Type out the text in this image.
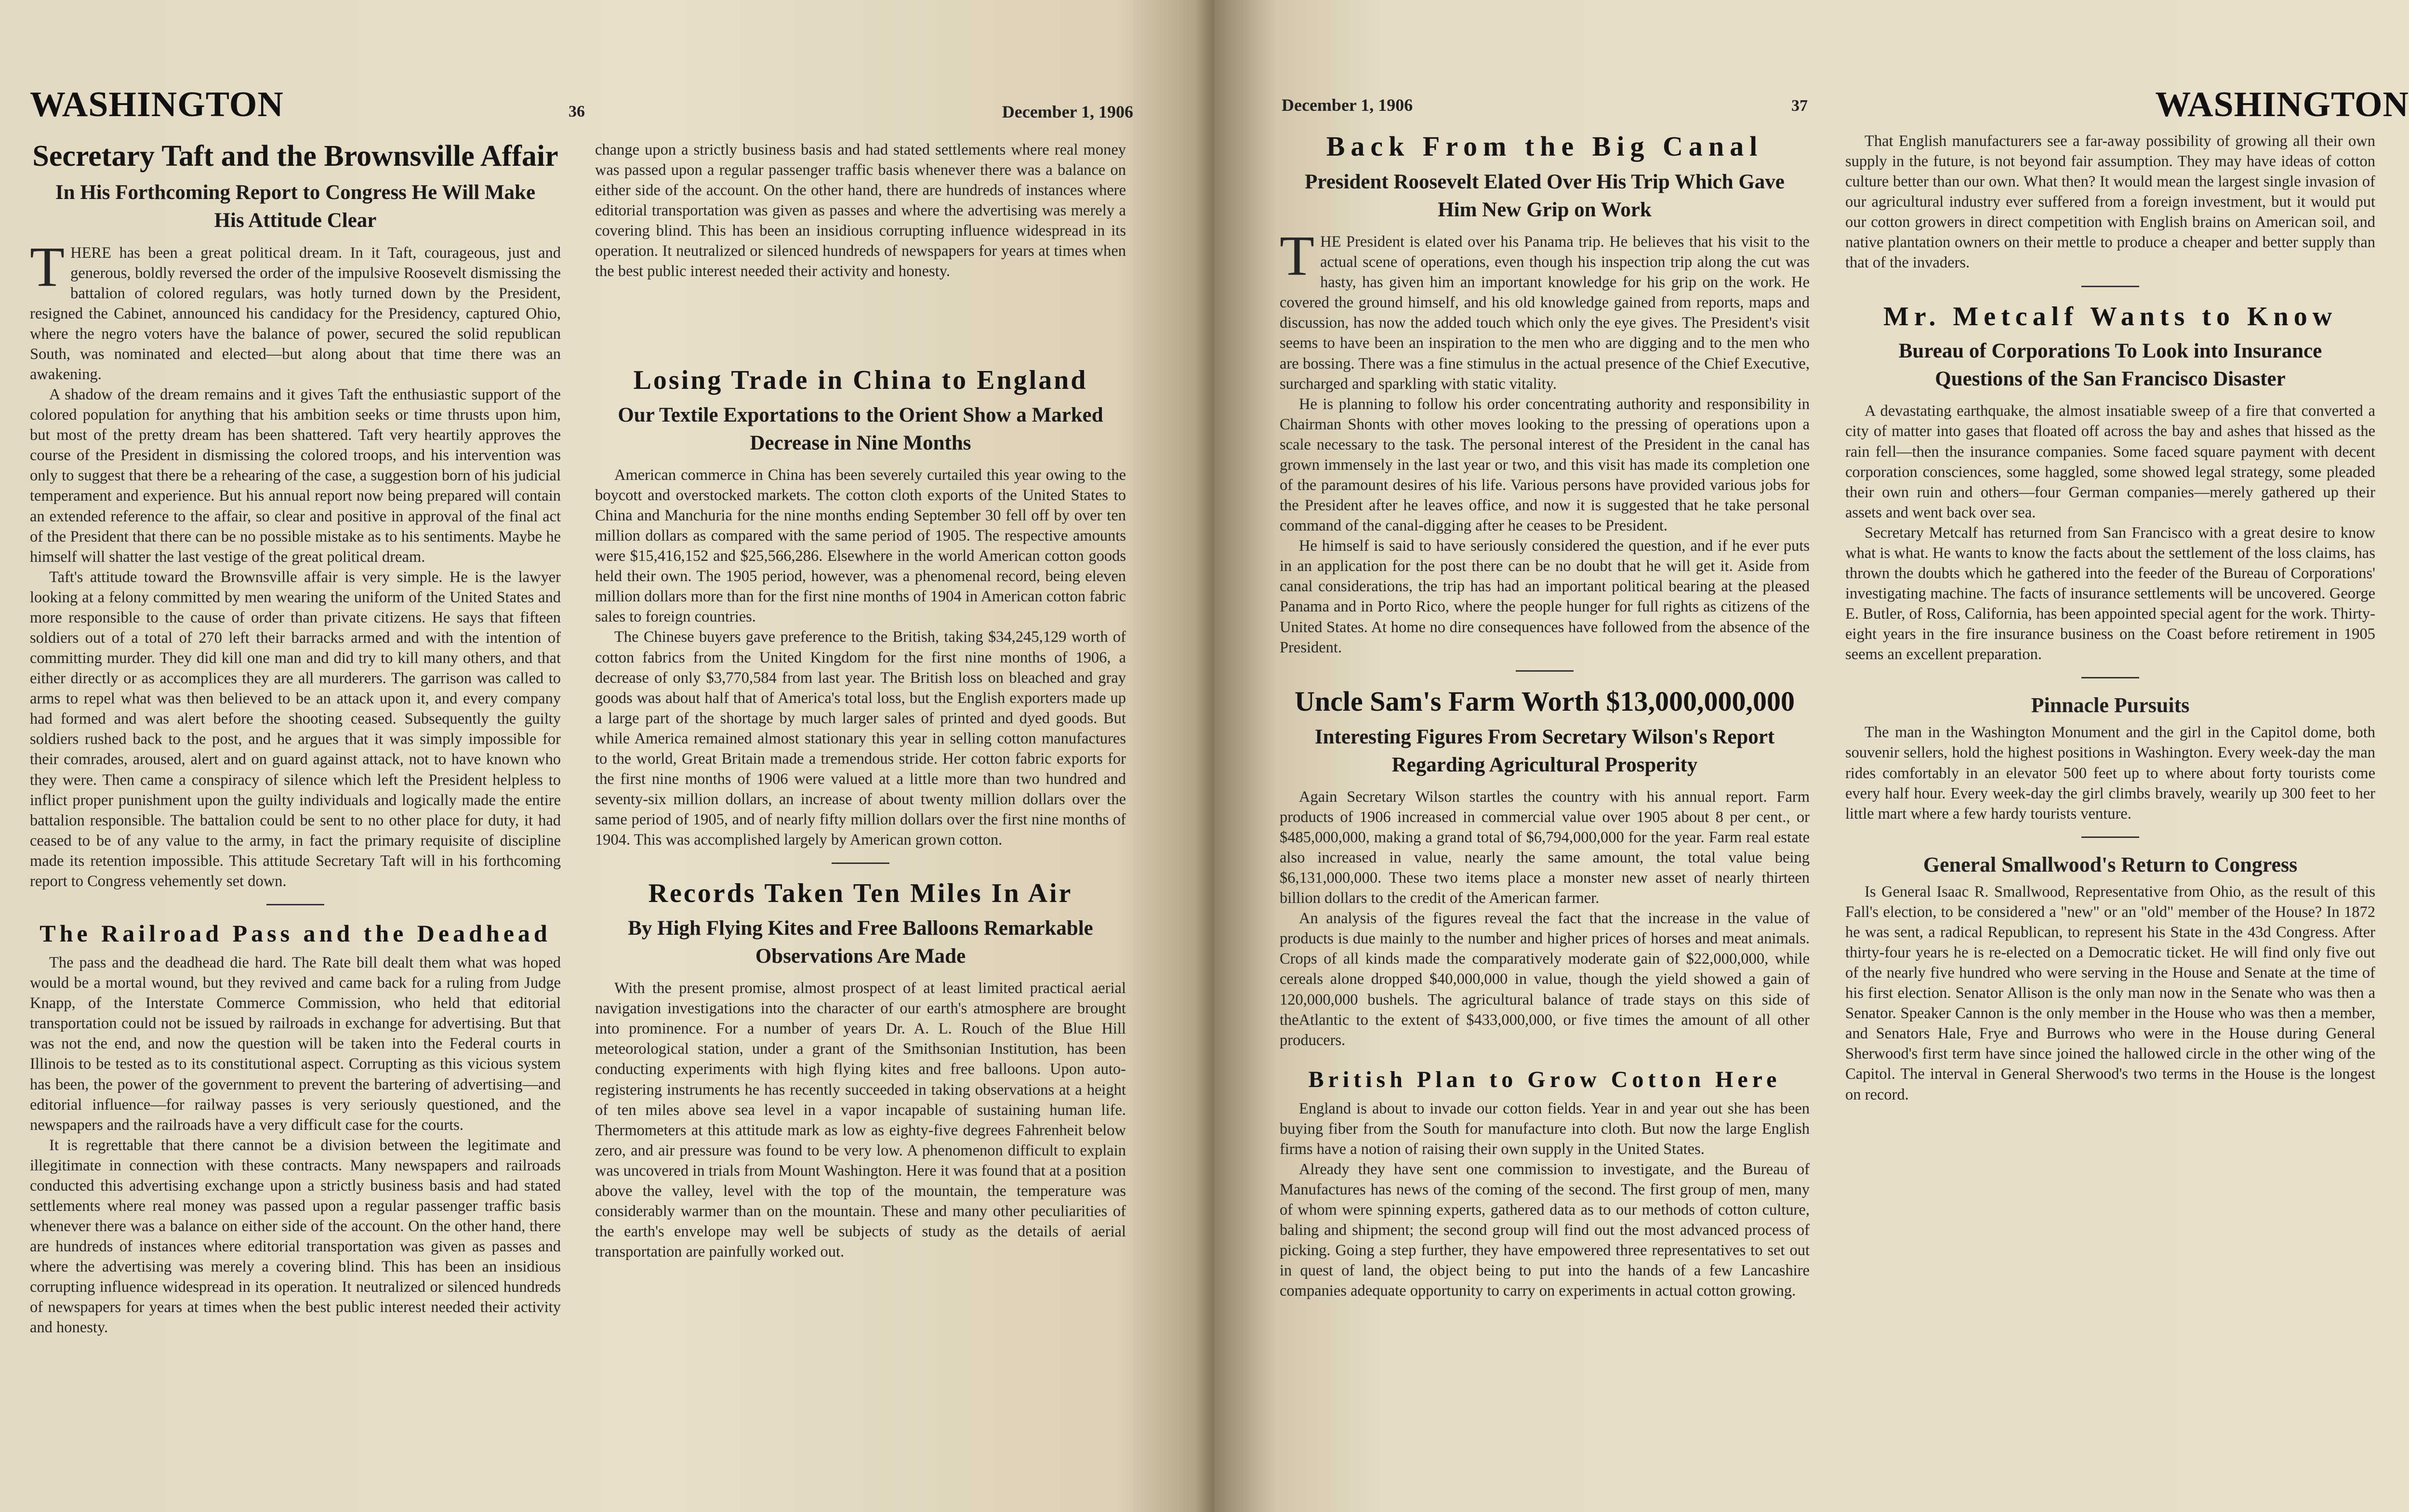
WASHINGTON	36	December 1, 1906
Secretary Taft and the Brownsville Affair
In His Forthcoming Report to Congress He Will Make His Attitude Clear

THERE has been a great political dream. In it Taft, courageous, just and generous, boldly reversed the order of the impulsive Roosevelt dismissing the battalion of colored regulars, was hotly turned down by the President, resigned the Cabinet, announced his candidacy for the Presidency, captured Ohio, where the negro voters have the balance of power, secured the solid republican South, was nominated and elected—but along about that time there was an awakening.

A shadow of the dream remains and it gives Taft the enthusiastic support of the colored population for anything that his ambition seeks or time thrusts upon him, but most of the pretty dream has been shattered. Taft very heartily approves the course of the President in dismissing the colored troops, and his intervention was only to suggest that there be a rehearing of the case, a suggestion born of his judicial temperament and experience. But his annual report now being prepared will contain an extended reference to the affair, so clear and positive in approval of the final act of the President that there can be no possible mistake as to his sentiments. Maybe he himself will shatter the last vestige of the great political dream.

Taft's attitude toward the Brownsville affair is very simple. He is the lawyer looking at a felony committed by men wearing the uniform of the United States and more responsible to the cause of order than private citizens. He says that fifteen soldiers out of a total of 270 left their barracks armed and with the intention of committing murder. They did kill one man and did try to kill many others, and that either directly or as accomplices they are all murderers. The garrison was called to arms to repel what was then believed to be an attack upon it, and every company had formed and was alert before the shooting ceased. Subsequently the guilty soldiers rushed back to the post, and he argues that it was simply impossible for their comrades, aroused, alert and on guard against attack, not to have known who they were. Then came a conspiracy of silence which left the President helpless to inflict proper punishment upon the guilty individuals and logically made the entire battalion responsible. The battalion could be sent to no other place for duty, it had ceased to be of any value to the army, in fact the primary requisite of discipline made its retention impossible. This attitude Secretary Taft will in his forthcoming report to Congress vehemently set down.

The Railroad Pass and the Deadhead

The pass and the deadhead die hard. The Rate bill dealt them what was hoped would be a mortal wound, but they revived and came back for a ruling from Judge Knapp, of the Interstate Commerce Commission, who held that editorial transportation could not be issued by railroads in exchange for advertising. But that was not the end, and now the question will be taken into the Federal courts in Illinois to be tested as to its constitutional aspect. Corrupting as this vicious system has been, the power of the government to prevent the bartering of advertising—and editorial influence—for railway passes is very seriously questioned, and the newspapers and the railroads have a very difficult case for the courts.

It is regrettable that there cannot be a division between the legitimate and illegitimate in connection with these contracts. Many newspapers and railroads conducted this advertising exchange upon a strictly business basis and had stated settlements where real money was passed upon a regular passenger traffic basis whenever there was a balance on either side of the account. On the other hand, there are hundreds of instances where editorial transportation was given as passes and where the advertising was merely a covering blind. This has been an insidious corrupting influence widespread in its operation. It neutralized or silenced hundreds of newspapers for years at times when the best public interest needed their activity and honesty.

change upon a strictly business basis and had stated settlements where real money was passed upon a regular passenger traffic basis whenever there was a balance on either side of the account. On the other hand, there are hundreds of instances where editorial transportation was given as passes and where the advertising was merely a covering blind. This has been an insidious corrupting influence widespread in its operation. It neutralized or silenced hundreds of newspapers for years at times when the best public interest needed their activity and honesty.

Losing Trade in China to England
Our Textile Exportations to the Orient Show a Marked Decrease in Nine Months

American commerce in China has been severely curtailed this year owing to the boycott and overstocked markets. The cotton cloth exports of the United States to China and Manchuria for the nine months ending September 30 fell off by over ten million dollars as compared with the same period of 1905. The respective amounts were $15,416,152 and $25,566,286. Elsewhere in the world American cotton goods held their own. The 1905 period, however, was a phenomenal record, being eleven million dollars more than for the first nine months of 1904 in American cotton fabric sales to foreign countries.

The Chinese buyers gave preference to the British, taking $34,245,129 worth of cotton fabrics from the United Kingdom for the first nine months of 1906, a decrease of only $3,770,584 from last year. The British loss on bleached and gray goods was about half that of America's total loss, but the English exporters made up a large part of the shortage by much larger sales of printed and dyed goods. But while America remained almost stationary this year in selling cotton manufactures to the world, Great Britain made a tremendous stride. Her cotton fabric exports for the first nine months of 1906 were valued at a little more than two hundred and seventy-six million dollars, an increase of about twenty million dollars over the same period of 1905, and of nearly fifty million dollars over the first nine months of 1904. This was accomplished largely by American grown cotton.

Records Taken Ten Miles In Air
By High Flying Kites and Free Balloons Remarkable Observations Are Made

With the present promise, almost prospect of at least limited practical aerial navigation investigations into the character of our earth's atmosphere are brought into prominence. For a number of years Dr. A. L. Rouch of the Blue Hill meteorological station, under a grant of the Smithsonian Institution, has been conducting experiments with high flying kites and free balloons. Upon auto-registering instruments he has recently succeeded in taking observations at a height of ten miles above sea level in a vapor incapable of sustaining human life. Thermometers at this attitude mark as low as eighty-five degrees Fahrenheit below zero, and air pressure was found to be very low. A phenomenon difficult to explain was uncovered in trials from Mount Washington. Here it was found that at a position above the valley, level with the top of the mountain, the temperature was considerably warmer than on the mountain. These and many other peculiarities of the earth's envelope may well be subjects of study as the details of aerial transportation are painfully worked out.

December 1, 1906	37	WASHINGTON
Back From the Big Canal
President Roosevelt Elated Over His Trip Which Gave Him New Grip on Work

THE President is elated over his Panama trip. He believes that his visit to the actual scene of operations, even though his inspection trip along the cut was hasty, has given him an important knowledge for his grip on the work. He covered the ground himself, and his old knowledge gained from reports, maps and discussion, has now the added touch which only the eye gives. The President's visit seems to have been an inspiration to the men who are digging and to the men who are bossing. There was a fine stimulus in the actual presence of the Chief Executive, surcharged and sparkling with static vitality.

He is planning to follow his order concentrating authority and responsibility in Chairman Shonts with other moves looking to the pressing of operations upon a scale necessary to the task. The personal interest of the President in the canal has grown immensely in the last year or two, and this visit has made its completion one of the paramount desires of his life. Various persons have provided various jobs for the President after he leaves office, and now it is suggested that he take personal command of the canal-digging after he ceases to be President.

He himself is said to have seriously considered the question, and if he ever puts in an application for the post there can be no doubt that he will get it. Aside from canal considerations, the trip has had an important political bearing at the pleased Panama and in Porto Rico, where the people hunger for full rights as citizens of the United States. At home no dire consequences have followed from the absence of the President.

Uncle Sam's Farm Worth $13,000,000,000
Interesting Figures From Secretary Wilson's Report Regarding Agricultural Prosperity

Again Secretary Wilson startles the country with his annual report. Farm products of 1906 increased in commercial value over 1905 about 8 per cent., or $485,000,000, making a grand total of $6,794,000,000 for the year. Farm real estate also increased in value, nearly the same amount, the total value being $6,131,000,000. These two items place a monster new asset of nearly thirteen billion dollars to the credit of the American farmer.

An analysis of the figures reveal the fact that the increase in the value of products is due mainly to the number and higher prices of horses and meat animals. Crops of all kinds made the comparatively moderate gain of $22,000,000, while cereals alone dropped $40,000,000 in value, though the yield showed a gain of 120,000,000 bushels. The agricultural balance of trade stays on this side of theAtlantic to the extent of $433,000,000, or five times the amount of all other producers.

British Plan to Grow Cotton Here

England is about to invade our cotton fields. Year in and year out she has been buying fiber from the South for manufacture into cloth. But now the large English firms have a notion of raising their own supply in the United States.

Already they have sent one commission to investigate, and the Bureau of Manufactures has news of the coming of the second. The first group of men, many of whom were spinning experts, gathered data as to our methods of cotton culture, baling and shipment; the second group will find out the most advanced process of picking. Going a step further, they have empowered three representatives to set out in quest of land, the object being to put into the hands of a few Lancashire companies adequate opportunity to carry on experiments in actual cotton growing.

That English manufacturers see a far-away possibility of growing all their own supply in the future, is not beyond fair assumption. They may have ideas of cotton culture better than our own. What then? It would mean the largest single invasion of our agricultural industry ever suffered from a foreign investment, but it would put our cotton growers in direct competition with English brains on American soil, and native plantation owners on their mettle to produce a cheaper and better supply than that of the invaders.

Mr. Metcalf Wants to Know
Bureau of Corporations To Look into Insurance Questions of the San Francisco Disaster

A devastating earthquake, the almost insatiable sweep of a fire that converted a city of matter into gases that floated off across the bay and ashes that hissed as the rain fell—then the insurance companies. Some faced square payment with decent corporation consciences, some haggled, some showed legal strategy, some pleaded their own ruin and others—four German companies—merely gathered up their assets and went back over sea.

Secretary Metcalf has returned from San Francisco with a great desire to know what is what. He wants to know the facts about the settlement of the loss claims, has thrown the doubts which he gathered into the feeder of the Bureau of Corporations' investigating machine. The facts of insurance settlements will be uncovered. George E. Butler, of Ross, California, has been appointed special agent for the work. Thirty-eight years in the fire insurance business on the Coast before retirement in 1905 seems an excellent preparation.

Pinnacle Pursuits

The man in the Washington Monument and the girl in the Capitol dome, both souvenir sellers, hold the highest positions in Washington. Every week-day the man rides comfortably in an elevator 500 feet up to where about forty tourists come every half hour. Every week-day the girl climbs bravely, wearily up 300 feet to her little mart where a few hardy tourists venture.

General Smallwood's Return to Congress

Is General Isaac R. Smallwood, Representative from Ohio, as the result of this Fall's election, to be considered a "new" or an "old" member of the House? In 1872 he was sent, a radical Republican, to represent his State in the 43d Congress. After thirty-four years he is re-elected on a Democratic ticket. He will find only five out of the nearly five hundred who were serving in the House and Senate at the time of his first election. Senator Allison is the only man now in the Senate who was then a Senator. Speaker Cannon is the only member in the House who was then a member, and Senators Hale, Frye and Burrows who were in the House during General Sherwood's first term have since joined the hallowed circle in the other wing of the Capitol. The interval in General Sherwood's two terms in the House is the longest on record.
